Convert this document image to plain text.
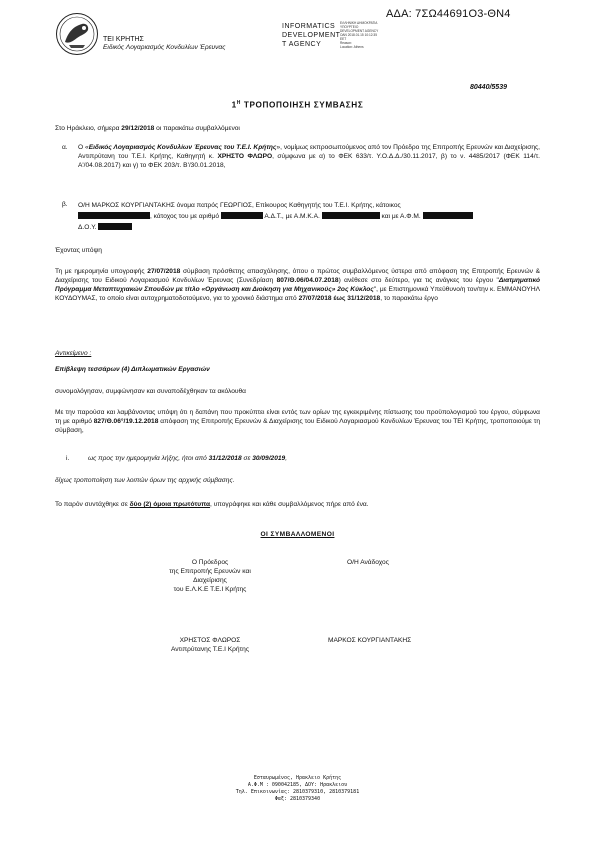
ΤΕΙ ΚΡΗΤΗΣ
Ειδικός Λογαριασμός Κονδυλίων Έρευνας
INFORMATICS
DEVELOPMENT
T AGENCY
ΕΛΛΗΝΙΚΗ ΔΗΜΟΚΡΑΤΙΑ
ΥΠΟΥΡΓΕΙΟ
DEVELOPMENT AGENCY
ΟΑΝ 2018.01.15 10:12:35
EET
Reason:
Location: Athens
ΑΔΑ: 7ΣΩ44691Ο3-ΘΝ4
80440/5539
$1^H$ ΤΡΟΠΟΠΟΙΗΣΗ ΣΥΜΒΑΣΗΣ
Στο Ηράκλειο, σήμερα 29/12/2018 οι παρακάτω συμβαλλόμενοι
α. Ο «Ειδικός Λογαριασμός Κονδυλίων Έρευνας του Τ.Ε.Ι. Κρήτης», νομίμως εκπροσωπούμενος από τον Πρόεδρο της Επιτροπής Ερευνών και Διαχείρισης, Αντιπρύτανη του Τ.Ε.Ι. Κρήτης, Καθηγητή κ. ΧΡΗΣΤΟ ΦΛΩΡΟ, σύμφωνα με α) το ΦΕΚ 633/τ. Υ.Ο.Δ.Δ./30.11.2017, β) το ν. 4485/2017 (ΦΕΚ 114/τ. Α'/04.08.2017) και γ) το ΦΕΚ 203/τ. Β'/30.01.2018,
β. Ο/Η ΜΑΡΚΟΣ ΚΟΥΡΓΙΑΝΤΑΚΗΣ όνομα πατρός ΓΕΩΡΓΙΟΣ, Επίκουρος Καθηγητής του Τ.Ε.Ι. Κρήτης, κάτοικος
, κάτοχος του με αριθμό	Α.Δ.Τ., με Α.Μ.Κ.Α.	και με Α.Φ.Μ.
Δ.Ο.Υ.
Έχοντας υπόψη
Τη με ημερομηνία υπογραφής 27/07/2018 σύμβαση πρόσθετης απασχόλησης, όπου ο πρώτος συμβαλλόμενος ύστερα από απόφαση της Επιτροπής Ερευνών & Διαχείρισης του Ειδικού Λογαριασμού Κονδυλίων Έρευνας (Συνεδρίαση 807/Θ.06/04.07.2018) ανέθεσε στο δεύτερο, για τις ανάγκες του έργου "Διατμηματικό Πρόγραμμα Μεταπτυχιακών Σπουδών με τίτλο «Οργάνωση και Διοίκηση για Μηχανικούς» 2ος Κύκλος", με Επιστημονικά Υπεύθυνο/η τον/την κ. ΕΜΜΑΝΟΥΗΛ ΚΟΥΔΟΥΜΑΣ, το οποίο είναι αυτοχρηματοδοτούμενο, για το χρονικό διάστημα από 27/07/2018 έως 31/12/2018, το παρακάτω έργο
Αντικείμενο :
Επίβλεψη τεσσάρων (4) Διπλωματικών Εργασιών
συνομολόγησαν, συμφώνησαν και συναποδέχθηκαν τα ακόλουθα
Με την παρούσα και λαμβάνοντας υπόψη ότι η δαπάνη που προκύπτει είναι εντός των ορίων της εγκεκριμένης πίστωσης του προϋπολογισμού του έργου, σύμφωνα τη με αριθμό 827/Θ.06°/19.12.2018 απόφαση της Επιτροπής Ερευνών & Διαχείρισης του Ειδικού Λογαριασμού Κονδυλίων Έρευνας του ΤΕΙ Κρήτης, τροποποιούμε τη σύμβαση,
i.	ως προς την ημερομηνία λήξης, ήτοι από 31/12/2018 σε 30/09/2019,
δίχως τροποποίηση των λοιπών όρων της αρχικής σύμβασης.
Το παρόν συντάχθηκε σε δύο (2) όμοια πρωτότυπα, υπογράφηκε και κάθε συμβαλλόμενος πήρε από ένα.
ΟΙ ΣΥΜΒΑΛΛΟΜΕΝΟΙ
Ο Πρόεδρος
της Επιτροπής Ερευνών και
Διαχείρισης
του Ε.Λ.Κ.Ε Τ.Ε.Ι Κρήτης
Ο/Η Ανάδοχος
ΧΡΗΣΤΟΣ ΦΛΩΡΟΣ
Αντιπρύτανης Τ.Ε.Ι Κρήτης
ΜΑΡΚΟΣ ΚΟΥΡΓΙΑΝΤΑΚΗΣ
Εσταυρωμένος, Ηρακλειο Κρήτης
Α.Φ.Μ : 090042185, ΔΟΥ: Ηρακλειου
Τηλ. Επικοινωνίας: 2810379310, 2810379181
Φαξ: 2810379340
